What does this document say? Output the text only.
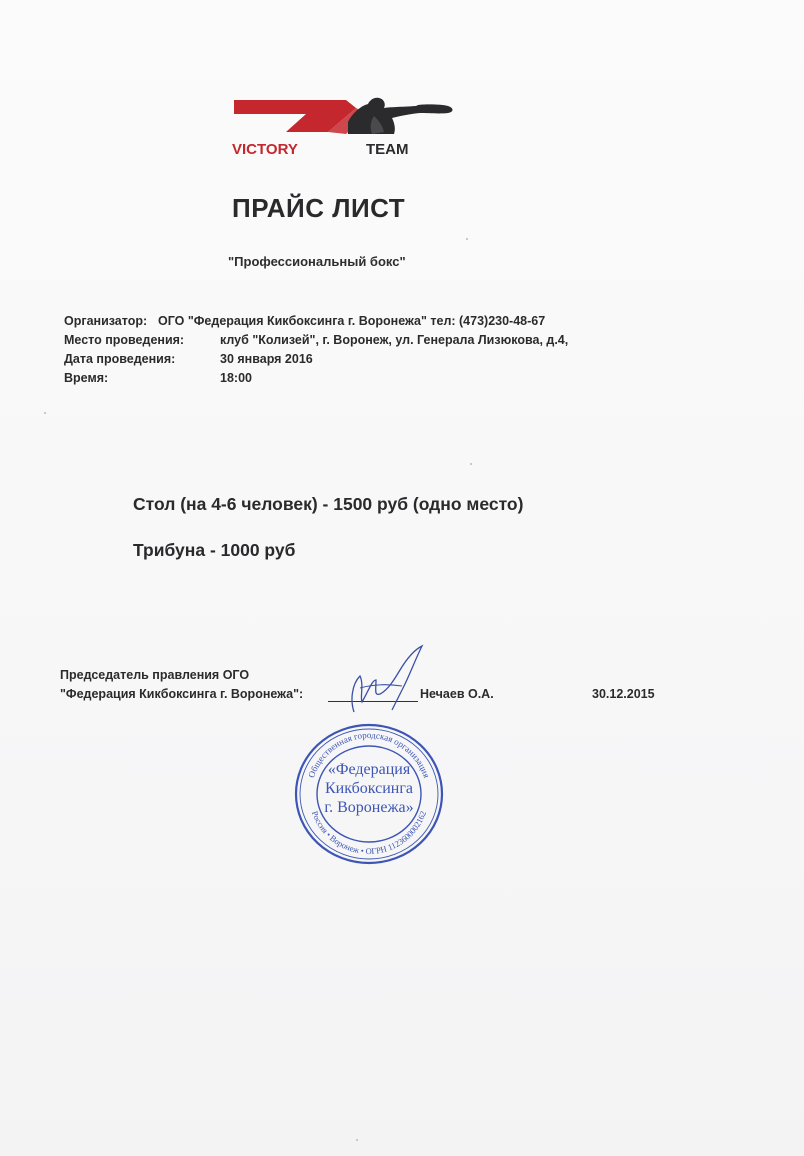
VICTORY	TEAM
ПРАЙС ЛИСТ
"Профессиональный бокс"
Организатор: ОГО "Федерация Кикбоксинга г. Воронежа" тел: (473)230-48-67
Место проведения:	клуб "Колизей", г. Воронеж, ул. Генерала Лизюкова, д.4,
Дата проведения:	30 января 2016
Время:	18:00
Стол (на 4-6 человек) - 1500 руб (одно место)
Трибуна - 1000 руб
Председатель правления ОГО
"Федерация Кикбоксинга г. Воронежа":	Нечаев О.А.	30.12.2015
Общественная городская организация
Россия • Воронеж • ОГРН 1123600002162
«Федерация
Кикбоксинга
г. Воронежа»
